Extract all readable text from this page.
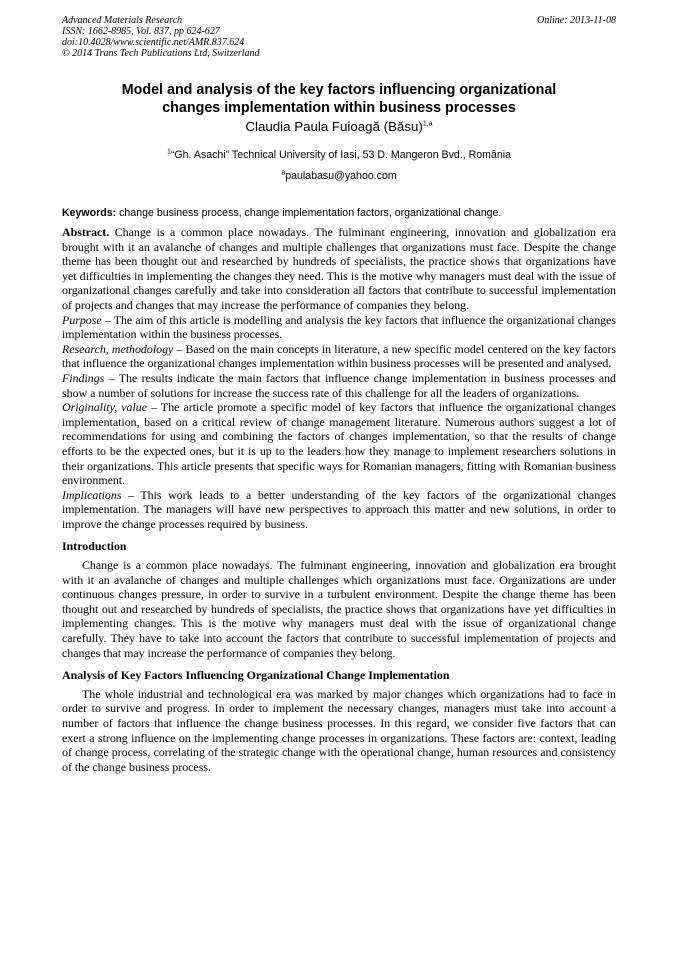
Advanced Materials Research
ISSN: 1662-8985, Vol. 837, pp 624-627
doi:10.4028/www.scientific.net/AMR.837.624
© 2014 Trans Tech Publications Ltd, Switzerland
Online: 2013-11-08
Model and analysis of the key factors influencing organizational
changes implementation within business processes
Claudia Paula Fuioagă (Băsu)$^{1,a}$
$^1$“Gh. Asachi” Technical University of Iasi, 53 D. Mangeron Bvd., România
$^a$paulabasu@yahoo.com
Keywords: change business process, change implementation factors, organizational change.

Abstract. Change is a common place nowadays. The fulminant engineering, innovation and globalization era brought with it an avalanche of changes and multiple challenges that organizations must face. Despite the change theme has been thought out and researched by hundreds of specialists, the practice shows that organizations have yet difficulties in implementing the changes they need. This is the motive why managers must deal with the issue of organizational changes carefully and take into consideration all factors that contribute to successful implementation of projects and changes that may increase the performance of companies they belong.

Purpose – The aim of this article is modelling and analysis the key factors that influence the organizational changes implementation within the business processes.

Research, methodology – Based on the main concepts in literature, a new specific model centered on the key factors that influence the organizational changes implementation within business processes will be presented and analysed.

Findings – The results indicate the main factors that influence change implementation in business processes and show a number of solutions for increase the success rate of this challenge for all the leaders of organizations.

Originality, value – The article promote a specific model of key factors that influence the organizational changes implementation, based on a critical review of change management literature. Numerous authors suggest a lot of recommendations for using and combining the factors of changes implementation, so that the results of change efforts to be the expected ones, but it is up to the leaders how they manage to implement researchers solutions in their organizations. This article presents that specific ways for Romanian managers, fitting with Romanian business environment.

Implications – This work leads to a better understanding of the key factors of the organizational changes implementation. The managers will have new perspectives to approach this matter and new solutions, in order to improve the change processes required by business.

Introduction

Change is a common place nowadays. The fulminant engineering, innovation and globalization era brought with it an avalanche of changes and multiple challenges which organizations must face. Organizations are under continuous changes pressure, in order to survive in a turbulent environment. Despite the change theme has been thought out and researched by hundreds of specialists, the practice shows that organizations have yet difficulties in implementing changes. This is the motive why managers must deal with the issue of organizational change carefully. They have to take into account the factors that contribute to successful implementation of projects and changes that may increase the performance of companies they belong.

Analysis of Key Factors Influencing Organizational Change Implementation

The whole industrial and technological era was marked by major changes which organizations had to face in order to survive and progress. In order to implement the necessary changes, managers must take into account a number of factors that influence the change business processes. In this regard, we consider five factors that can exert a strong influence on the implementing change processes in organizations. These factors are: context, leading of change process, correlating of the strategic change with the operational change, human resources and consistency of the change business process.
